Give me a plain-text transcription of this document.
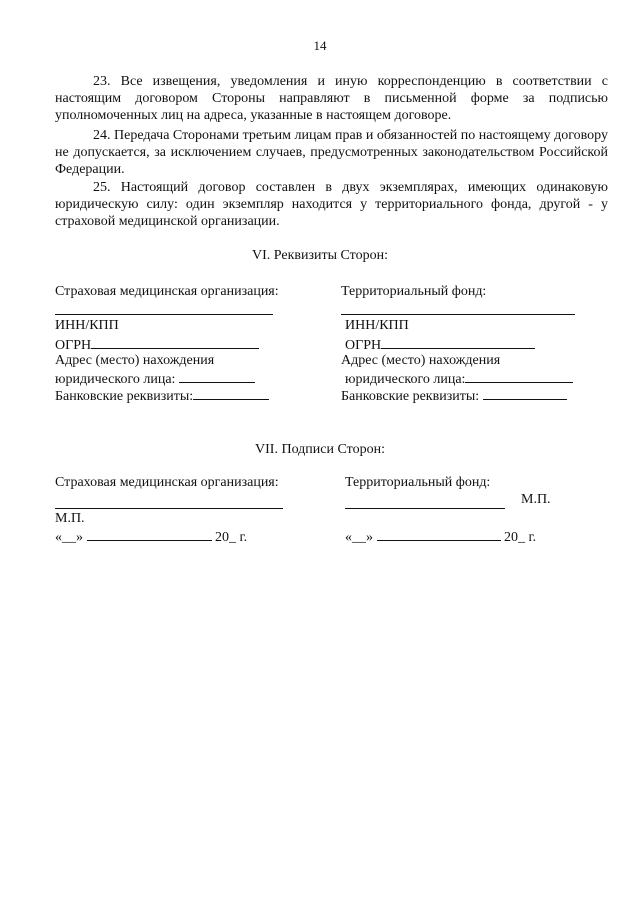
14

23. Все извещения, уведомления и иную корреспонденцию в соответствии с настоящим договором Стороны направляют в письменной форме за подписью уполномоченных лиц на адреса, указанные в настоящем договоре.

24. Передача Сторонами третьим лицам прав и обязанностей по настоящему договору не допускается, за исключением случаев, предусмотренных законодательством Российской Федерации.

25. Настоящий договор составлен в двух экземплярах, имеющих одинаковую юридическую силу: один экземпляр находится у территориального фонда, другой - у страховой медицинской организации.

VI. Реквизиты Сторон:
Страховая медицинская организация:	Территориальный фонд:
ИНН/КПП	ИНН/КПП
ОГРН	ОГРН
Адрес (место) нахождения	Адрес (место) нахождения
юридического лица:	юридического лица:
Банковские реквизиты:	Банковские реквизиты:
VII. Подписи Сторон:
Страховая медицинская организация:	Территориальный фонд:
М.П.
М.П.
«__»	20_ г.	«__»	20_ г.
